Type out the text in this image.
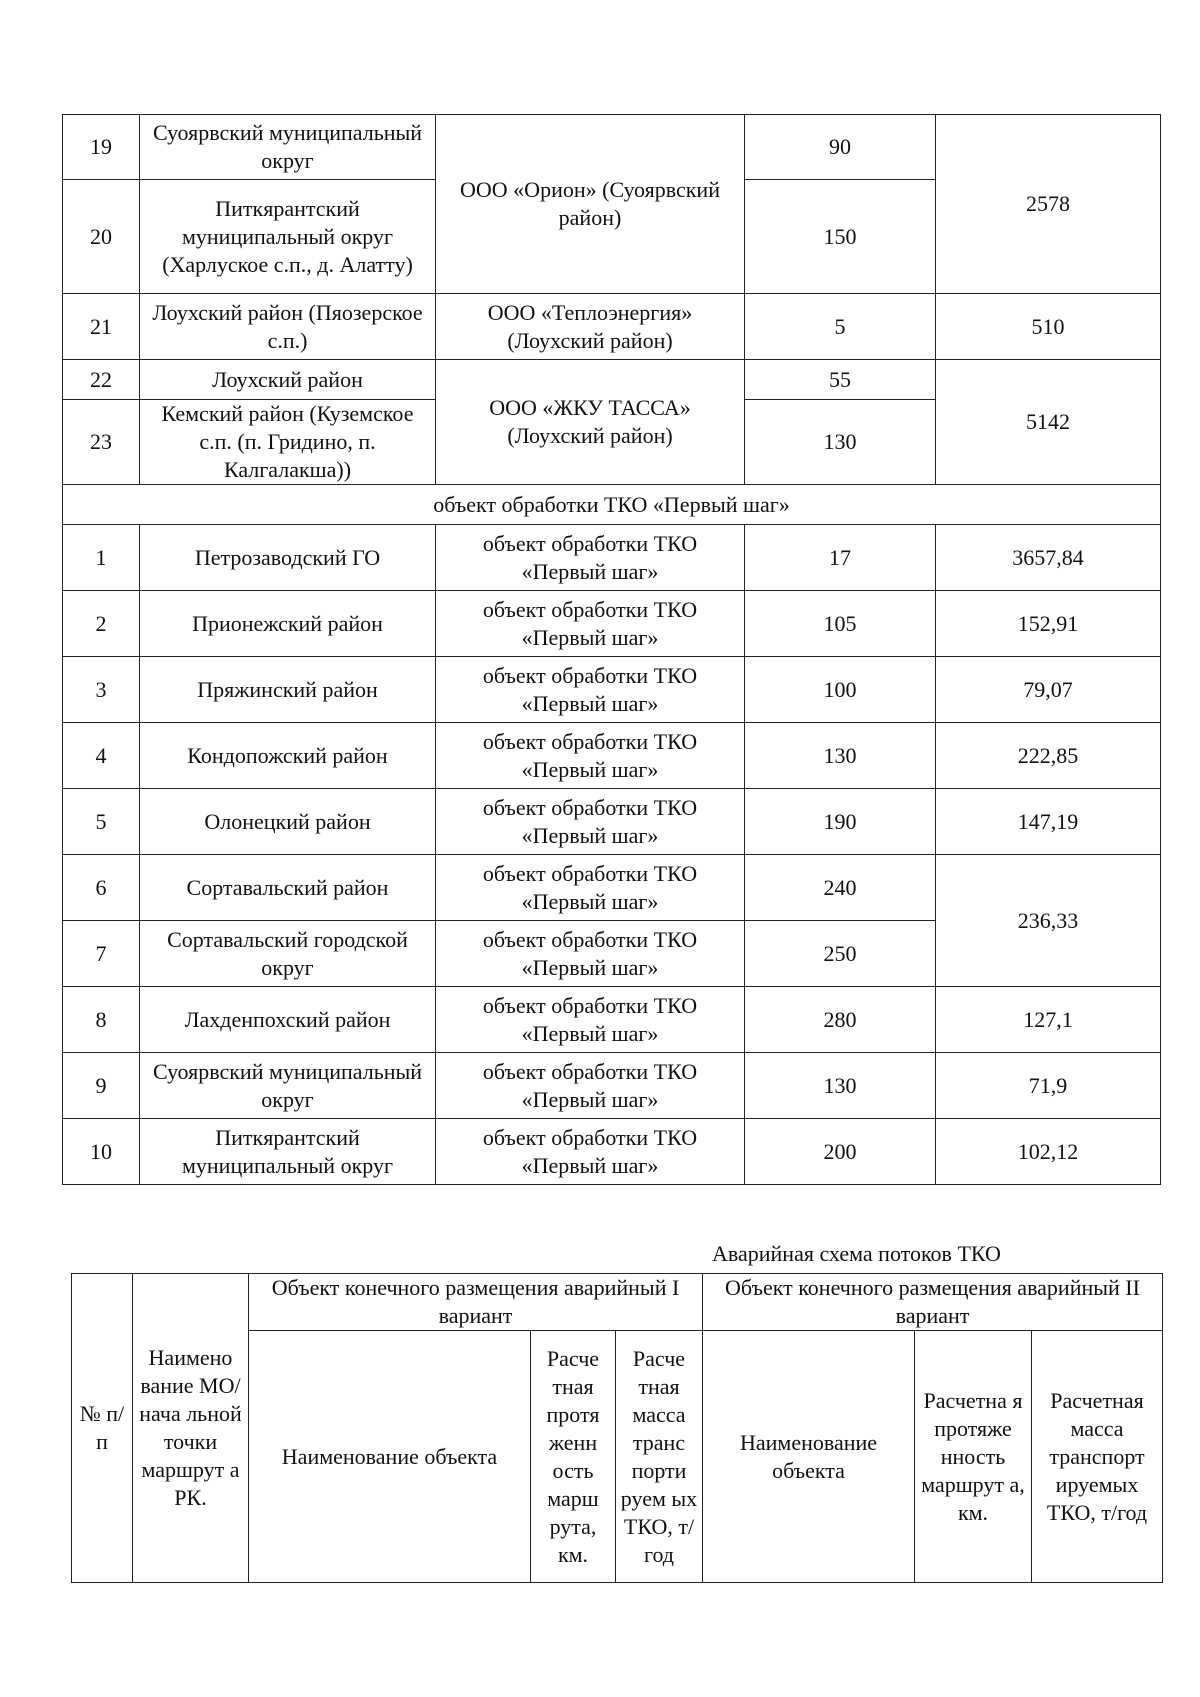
19	Суоярвский муниципальный округ	ООО «Орион» (Суоярвский район)	90	2578
20	Питкярантский муниципальный округ (Харлуское с.п., д. Алатту)		150	
21	Лоухский район (Пяозерское с.п.)	ООО «Теплоэнергия» (Лоухский район)	5	510
22	Лоухский район	ООО «ЖКУ ТАССА» (Лоухский район)	55	5142
23	Кемский район (Куземское с.п. (п. Гридино, п. Калгалакша))		130	
объект обработки ТКО «Первый шаг»				
1	Петрозаводский ГО	объект обработки ТКО «Первый шаг»	17	3657,84
2	Прионежский район	объект обработки ТКО «Первый шаг»	105	152,91
3	Пряжинский район	объект обработки ТКО «Первый шаг»	100	79,07
4	Кондопожский район	объект обработки ТКО «Первый шаг»	130	222,85
5	Олонецкий район	объект обработки ТКО «Первый шаг»	190	147,19
6	Сортавальский район	объект обработки ТКО «Первый шаг»	240	236,33
7	Сортавальский городской округ	объект обработки ТКО «Первый шаг»	250	
8	Лахденпохский район	объект обработки ТКО «Первый шаг»	280	127,1
9	Суоярвский муниципальный округ	объект обработки ТКО «Первый шаг»	130	71,9
10	Питкярантский муниципальный округ	объект обработки ТКО «Первый шаг»	200	102,12
Аварийная схема потоков ТКО
№ п/п	Наимено вание МО/нача льной точки маршрут а РК.	Объект конечного размещения аварийный I вариант			Объект конечного размещения аварийный II вариант		
		Наименование объекта	Расче тная протя женн ость марш рута, км.	Расче тная масса транс порти руем ых ТКО, т/год	Наименование объекта	Расчетна я протяже нность маршрут а, км.	Расчетная масса транспорт ируемых ТКО, т/год
